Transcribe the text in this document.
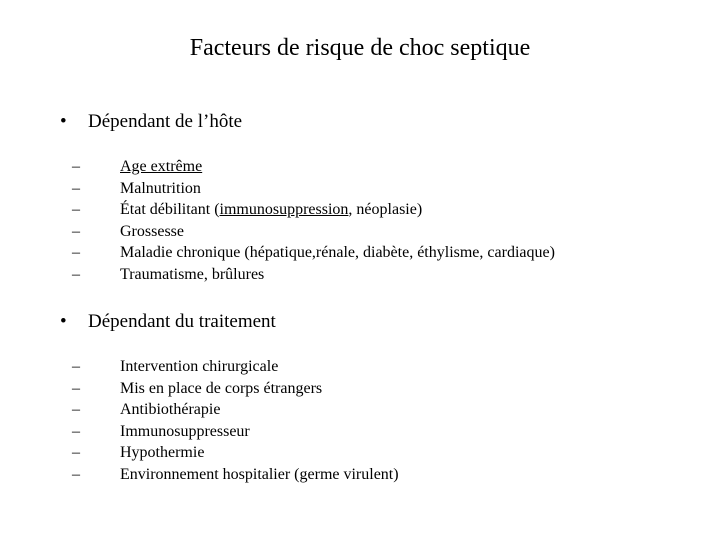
Facteurs de risque de choc septique
• Dépendant de l’hôte
–	Age extrême
–	Malnutrition
–	État débilitant (immunosuppression, néoplasie)
–	Grossesse
–	Maladie chronique (hépatique,rénale, diabète, éthylisme, cardiaque)
–	Traumatisme, brûlures
• Dépendant du traitement
–	Intervention chirurgicale
–	Mis en place de corps étrangers
–	Antibiothérapie
–	Immunosuppresseur
–	Hypothermie
–	Environnement hospitalier (germe virulent)
